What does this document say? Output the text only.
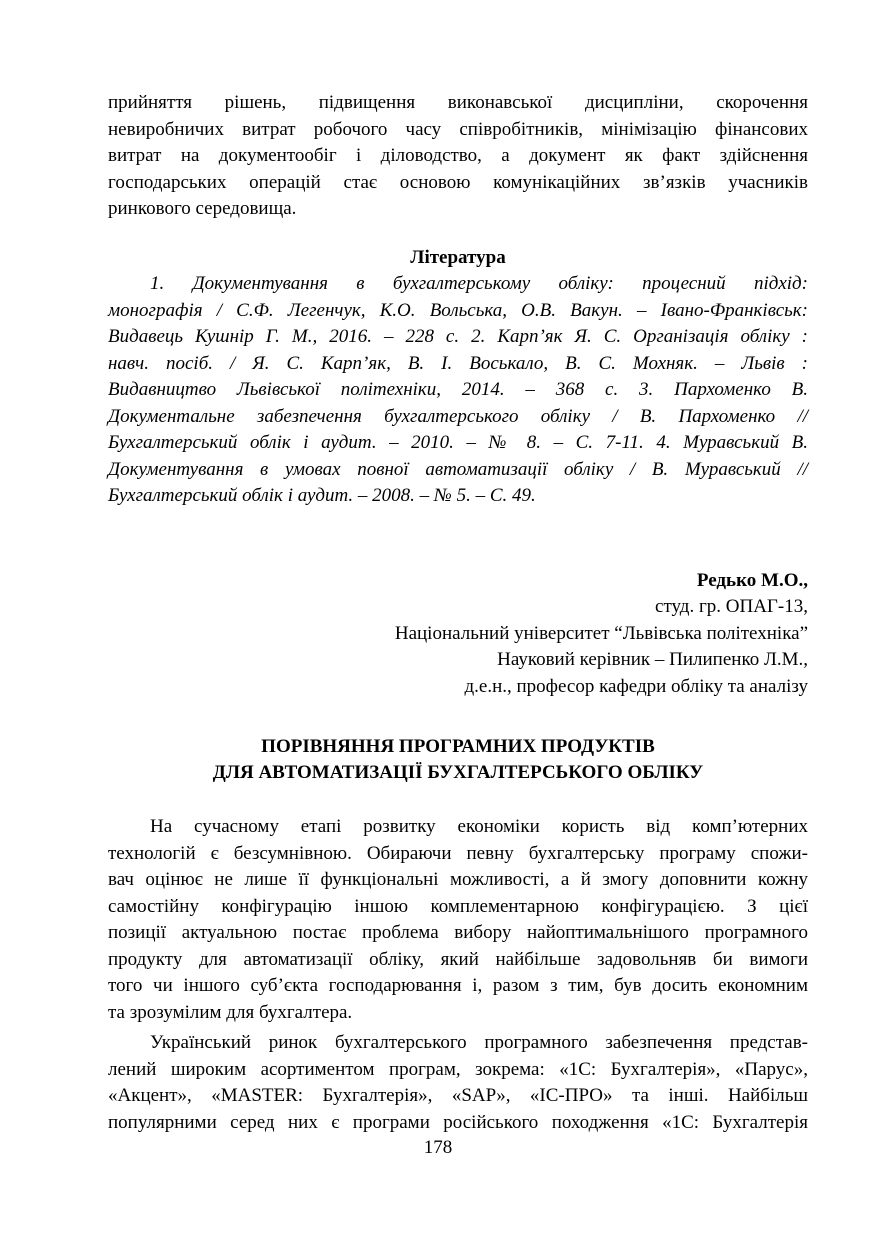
прийняття рішень, підвищення виконавської дисципліни, скорочення
невиробничих витрат робочого часу співробітників, мінімізацію фінансових
витрат на документообіг і діловодство, а документ як факт здійснення
господарських операцій стає основою комунікаційних зв’язків учасників
ринкового середовища.
Література
1. Документування в бухгалтерському обліку: процесний підхід:
монографія / С.Ф. Легенчук, К.О. Вольська, О.В. Вакун. – Івано-Франківськ:
Видавець Кушнір Г. М., 2016. – 228 с. 2. Карп’як Я. С. Організація обліку :
навч. посіб. / Я. С. Карп’як, В. І. Воськало, В. С. Мохняк. – Львів :
Видавництво Львівської політехніки, 2014. – 368 с. 3. Пархоменко В.
Документальне забезпечення бухгалтерського обліку / В. Пархоменко //
Бухгалтерський облік і аудит. – 2010. – № 8. – С. 7-11. 4. Муравський В.
Документування в умовах повної автоматизації обліку / В. Муравський //
Бухгалтерський облік і аудит. – 2008. – № 5. – С. 49.
Редько М.О.,
студ. гр. ОПАГ-13,
Національний університет “Львівська політехніка”
Науковий керівник – Пилипенко Л.М.,
д.е.н., професор кафедри обліку та аналізу
ПОРІВНЯННЯ ПРОГРАМНИХ ПРОДУКТІВ
ДЛЯ АВТОМАТИЗАЦІЇ БУХГАЛТЕРСЬКОГО ОБЛІКУ
На сучасному етапі розвитку економіки користь від комп’ютерних
технологій є безсумнівною. Обираючи певну бухгалтерську програму спожи-
вач оцінює не лише її функціональні можливості, а й змогу доповнити кожну
самостійну конфігурацію іншою комплементарною конфігурацією. З цієї
позиції актуальною постає проблема вибору найоптимальнішого програмного
продукту для автоматизації обліку, який найбільше задовольняв би вимоги
того чи іншого суб’єкта господарювання і, разом з тим, був досить економним
та зрозумілим для бухгалтера.
Український ринок бухгалтерського програмного забезпечення представ-
лений широким асортиментом програм, зокрема: «1С: Бухгалтерія», «Парус»,
«Акцент», «MASTER: Бухгалтерія», «SAP», «ІС-ПРО» та інші. Найбільш
популярними серед них є програми російського походження «1С: Бухгалтерія
178
